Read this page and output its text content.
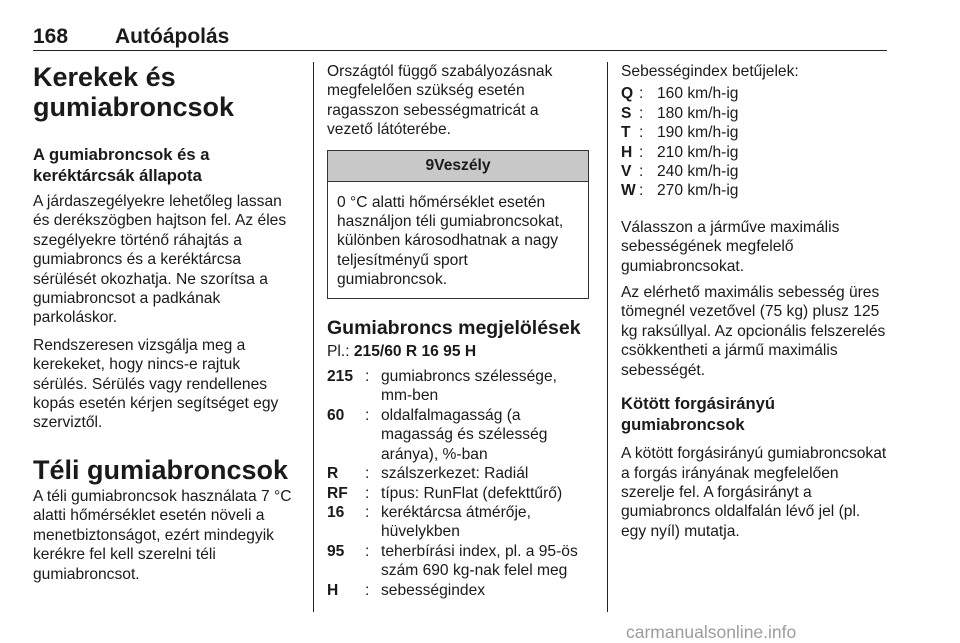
168 Autóápolás
Kerekek és gumiabroncsok
A gumiabroncsok és a keréktárcsák állapota

A járdaszegélyekre lehetőleg lassan és derékszögben hajtson fel. Az éles szegélyekre történő ráhajtás a gumiabroncs és a keréktárcsa sérülését okozhatja. Ne szorítsa a gumiabroncsot a padkának parkoláskor.

Rendszeresen vizsgálja meg a kerekeket, hogy nincs-e rajtuk sérülés. Sérülés vagy rendellenes kopás esetén kérjen segítséget egy szerviztől.

Téli gumiabroncsok

A téli gumiabroncsok használata 7 °C alatti hőmérséklet esetén növeli a menetbiztonságot, ezért mindegyik kerékre fel kell szerelni téli gumiabroncsot.

Országtól függő szabályozásnak megfelelően szükség esetén ragasszon sebességmatricát a vezető látóterébe.

9Veszély
0 °C alatti hőmérséklet esetén használjon téli gumiabroncsokat, különben károsodhatnak a nagy teljesítményű sport gumiabroncsok.
Gumiabroncs megjelölések

Pl.: 215/60 R 16 95 H

215 : gumiabroncs szélessége, mm-ben
60	: oldalfalmagasság (a magasság és szélesség aránya), %-ban
R	: szálszerkezet: Radiál
RF	: típus: RunFlat (defekttűrő)
16	: keréktárcsa átmérője, hüvelykben
95	: teherbírási index, pl. a 95-ös szám 690 kg-nak felel meg
H	: sebességindex

Sebességindex betűjelek:

Q : 160 km/h-ig
S : 180 km/h-ig
T : 190 km/h-ig
H : 210 km/h-ig
V : 240 km/h-ig
W : 270 km/h-ig

Válasszon a járműve maximális sebességének megfelelő gumiabroncsokat.

Az elérhető maximális sebesség üres tömegnél vezetővel (75 kg) plusz 125 kg raksúllyal. Az opcionális felszerelés csökkentheti a jármű maximális sebességét.

Kötött forgásirányú gumiabroncsok

A kötött forgásirányú gumiabroncsokat a forgás irányának megfelelően szerelje fel. A forgásirányt a gumiabroncs oldalfalán lévő jel (pl. egy nyíl) mutatja.

carmanualsonline.info
